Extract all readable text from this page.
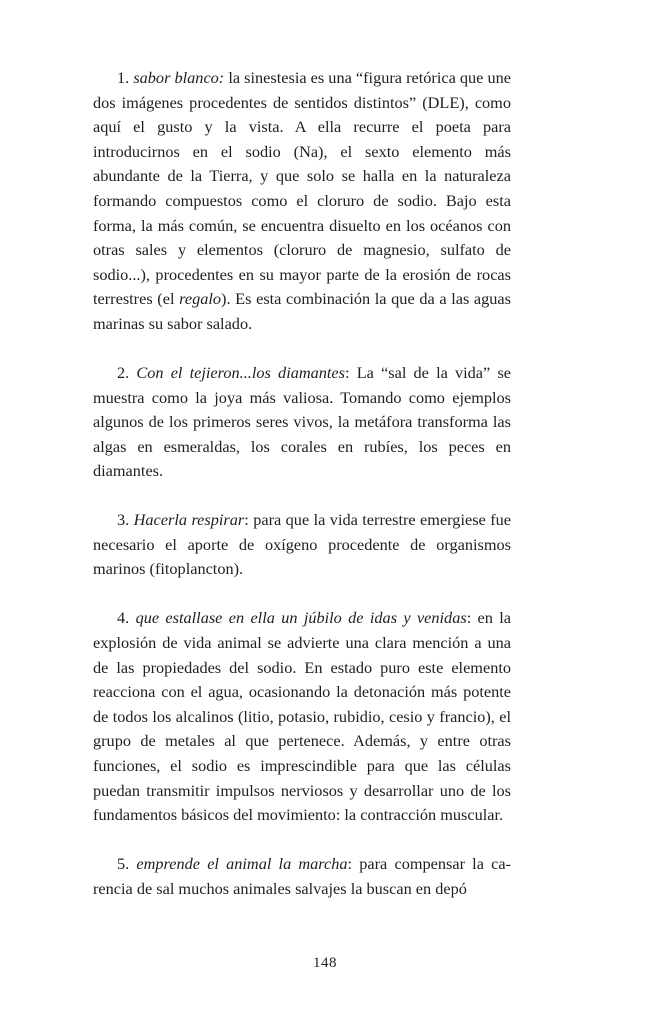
1. sabor blanco: la sinestesia es una “figura retórica que une dos imágenes procedentes de sentidos distintos” (DLE), como aquí el gusto y la vista. A ella recurre el poeta para introducirnos en el sodio (Na), el sexto elemento más abundante de la Tierra, y que solo se halla en la naturaleza formando compuestos como el cloruro de sodio. Bajo esta forma, la más común, se encuentra disuelto en los océanos con otras sales y elementos (cloruro de magnesio, sulfato de sodio...), procedentes en su mayor parte de la erosión de rocas terrestres (el regalo). Es esta combinación la que da a las aguas marinas su sabor salado.

2. Con el tejieron...los diamantes: La “sal de la vida” se muestra como la joya más valiosa. Tomando como ejemplos algunos de los primeros seres vivos, la metáfora transforma las algas en esmeraldas, los corales en rubíes, los peces en diamantes.

3. Hacerla respirar: para que la vida terrestre emergiese fue necesario el aporte de oxígeno procedente de organismos marinos (fitoplancton).

4. que estallase en ella un júbilo de idas y venidas: en la explosión de vida animal se advierte una clara mención a una de las propiedades del sodio. En estado puro este elemento reacciona con el agua, ocasionando la detonación más potente de todos los alcalinos (litio, potasio, rubidio, cesio y francio), el grupo de metales al que pertenece. Además, y entre otras funciones, el sodio es imprescindible para que las células puedan transmitir impulsos nerviosos y desarrollar uno de los fundamentos básicos del movimiento: la contracción muscular.

5. emprende el animal la marcha: para compensar la carencia de sal muchos animales salvajes la buscan en depó

148
